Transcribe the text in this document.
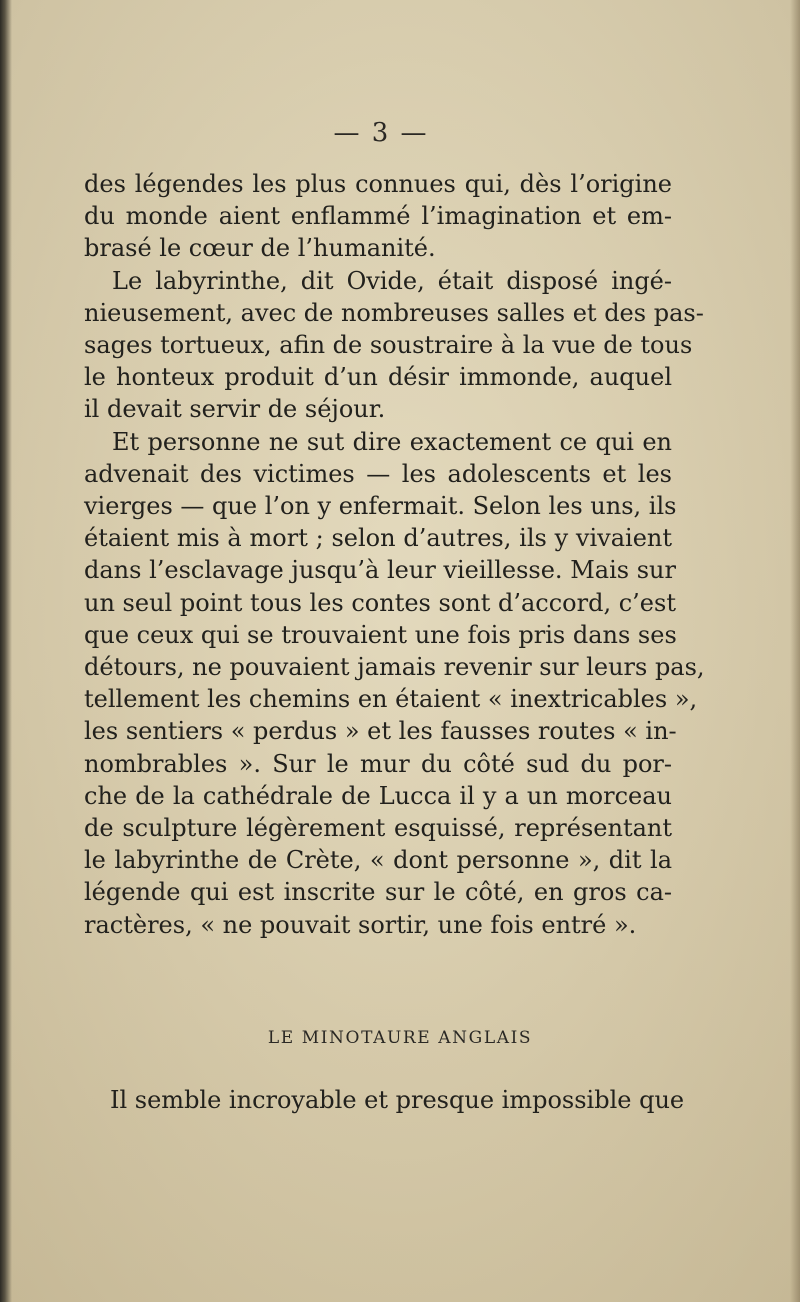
— 3 —
des légendes les plus connues qui, dès l’origine
du monde aient enflammé l’imagination et em-
brasé le cœur de l’humanité.
Le labyrinthe, dit Ovide, était disposé ingé-
nieusement, avec de nombreuses salles et des pas-
sages tortueux, afin de soustraire à la vue de tous
le honteux produit d’un désir immonde, auquel
il devait servir de séjour.
Et personne ne sut dire exactement ce qui en
advenait des victimes — les adolescents et les
vierges — que l’on y enfermait. Selon les uns, ils
étaient mis à mort ; selon d’autres, ils y vivaient
dans l’esclavage jusqu’à leur vieillesse. Mais sur
un seul point tous les contes sont d’accord, c’est
que ceux qui se trouvaient une fois pris dans ses
détours, ne pouvaient jamais revenir sur leurs pas,
tellement les chemins en étaient « inextricables »,
les sentiers « perdus » et les fausses routes « in-
nombrables ». Sur le mur du côté sud du por-
che de la cathédrale de Lucca il y a un morceau
de sculpture légèrement esquissé, représentant
le labyrinthe de Crète, « dont personne », dit la
légende qui est inscrite sur le côté, en gros ca-
ractères, « ne pouvait sortir, une fois entré ».
LE MINOTAURE ANGLAIS
Il semble incroyable et presque impossible que
